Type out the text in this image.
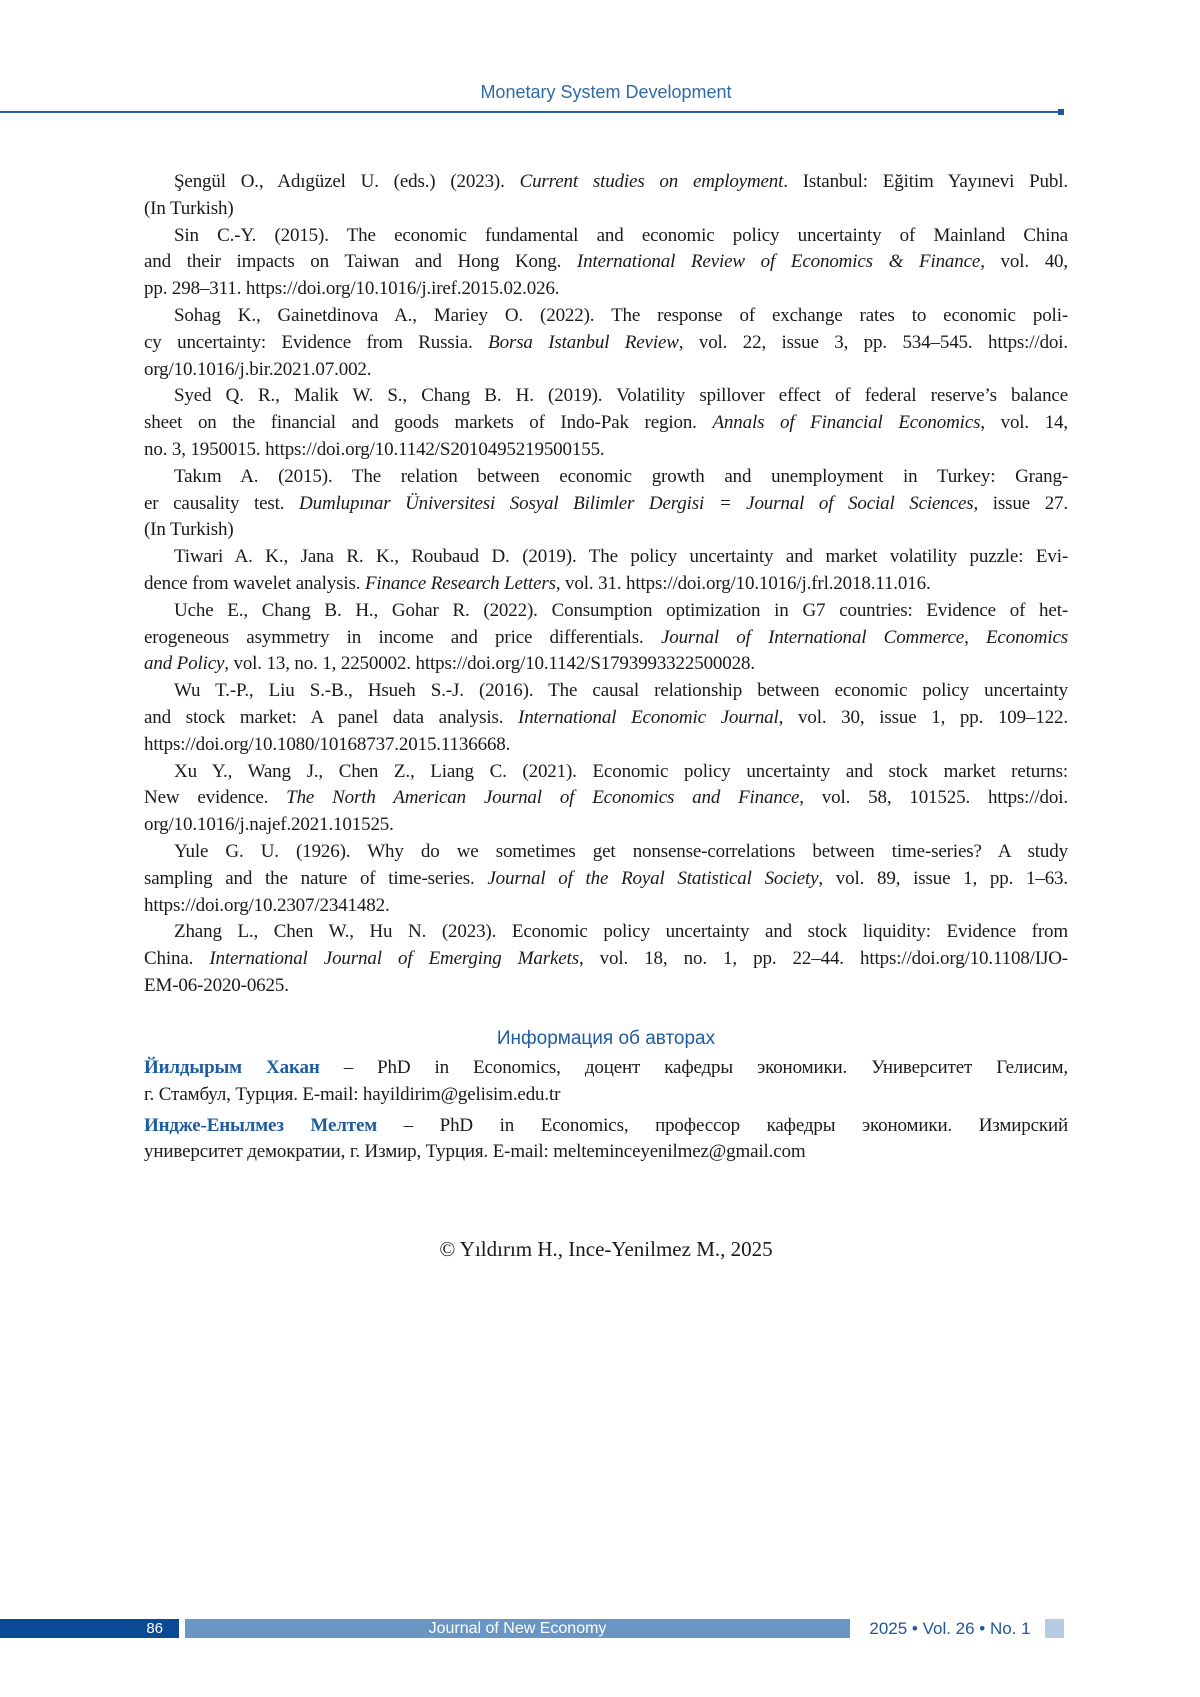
Monetary System Development
Şengül O., Adıgüzel U. (eds.) (2023). Current studies on employment. Istanbul: Eğitim Yayınevi Publ.
(In Turkish)
Sin C.-Y. (2015). The economic fundamental and economic policy uncertainty of Mainland China
and their impacts on Taiwan and Hong Kong. International Review of Economics & Finance, vol. 40,
pp. 298–311. https://doi.org/10.1016/j.iref.2015.02.026.
Sohag K., Gainetdinova A., Mariey O. (2022). The response of exchange rates to economic poli-
cy uncertainty: Evidence from Russia. Borsa Istanbul Review, vol. 22, issue 3, pp. 534–545. https://doi.
org/10.1016/j.bir.2021.07.002.
Syed Q. R., Malik W. S., Chang B. H. (2019). Volatility spillover effect of federal reserve’s balance
sheet on the financial and goods markets of Indo-Pak region. Annals of Financial Economics, vol. 14,
no. 3, 1950015. https://doi.org/10.1142/S2010495219500155.
Takım A. (2015). The relation between economic growth and unemployment in Turkey: Grang-
er causality test. Dumlupınar Üniversitesi Sosyal Bilimler Dergisi = Journal of Social Sciences, issue 27.
(In Turkish)
Tiwari A. K., Jana R. K., Roubaud D. (2019). The policy uncertainty and market volatility puzzle: Evi-
dence from wavelet analysis. Finance Research Letters, vol. 31. https://doi.org/10.1016/j.frl.2018.11.016.
Uche E., Chang B. H., Gohar R. (2022). Consumption optimization in G7 countries: Evidence of het-
erogeneous asymmetry in income and price differentials. Journal of International Commerce, Economics
and Policy, vol. 13, no. 1, 2250002. https://doi.org/10.1142/S1793993322500028.
Wu T.-P., Liu S.-B., Hsueh S.-J. (2016). The causal relationship between economic policy uncertainty
and stock market: A panel data analysis. International Economic Journal, vol. 30, issue 1, pp. 109–122.
https://doi.org/10.1080/10168737.2015.1136668.
Xu Y., Wang J., Chen Z., Liang C. (2021). Economic policy uncertainty and stock market returns:
New evidence. The North American Journal of Economics and Finance, vol. 58, 101525. https://doi.
org/10.1016/j.najef.2021.101525.
Yule G. U. (1926). Why do we sometimes get nonsense-correlations between time-series? A study
sampling and the nature of time-series. Journal of the Royal Statistical Society, vol. 89, issue 1, pp. 1–63.
https://doi.org/10.2307/2341482.
Zhang L., Chen W., Hu N. (2023). Economic policy uncertainty and stock liquidity: Evidence from
China. International Journal of Emerging Markets, vol. 18, no. 1, pp. 22–44. https://doi.org/10.1108/IJO-
EM-06-2020-0625.
Информация об авторах
Йилдырым Хакан – PhD in Economics, доцент кафедры экономики. Университет Гелисим,
г. Стамбул, Турция. E-mail: hayildirim@gelisim.edu.tr
Индже-Енылмез Мелтем – PhD in Economics, профессор кафедры экономики. Измирский
университет демократии, г. Измир, Турция. E-mail: melteminceyenilmez@gmail.com
© Yıldırım H., Ince-Yenilmez M., 2025
86	Journal of New Economy	2025 • Vol. 26 • No. 1
